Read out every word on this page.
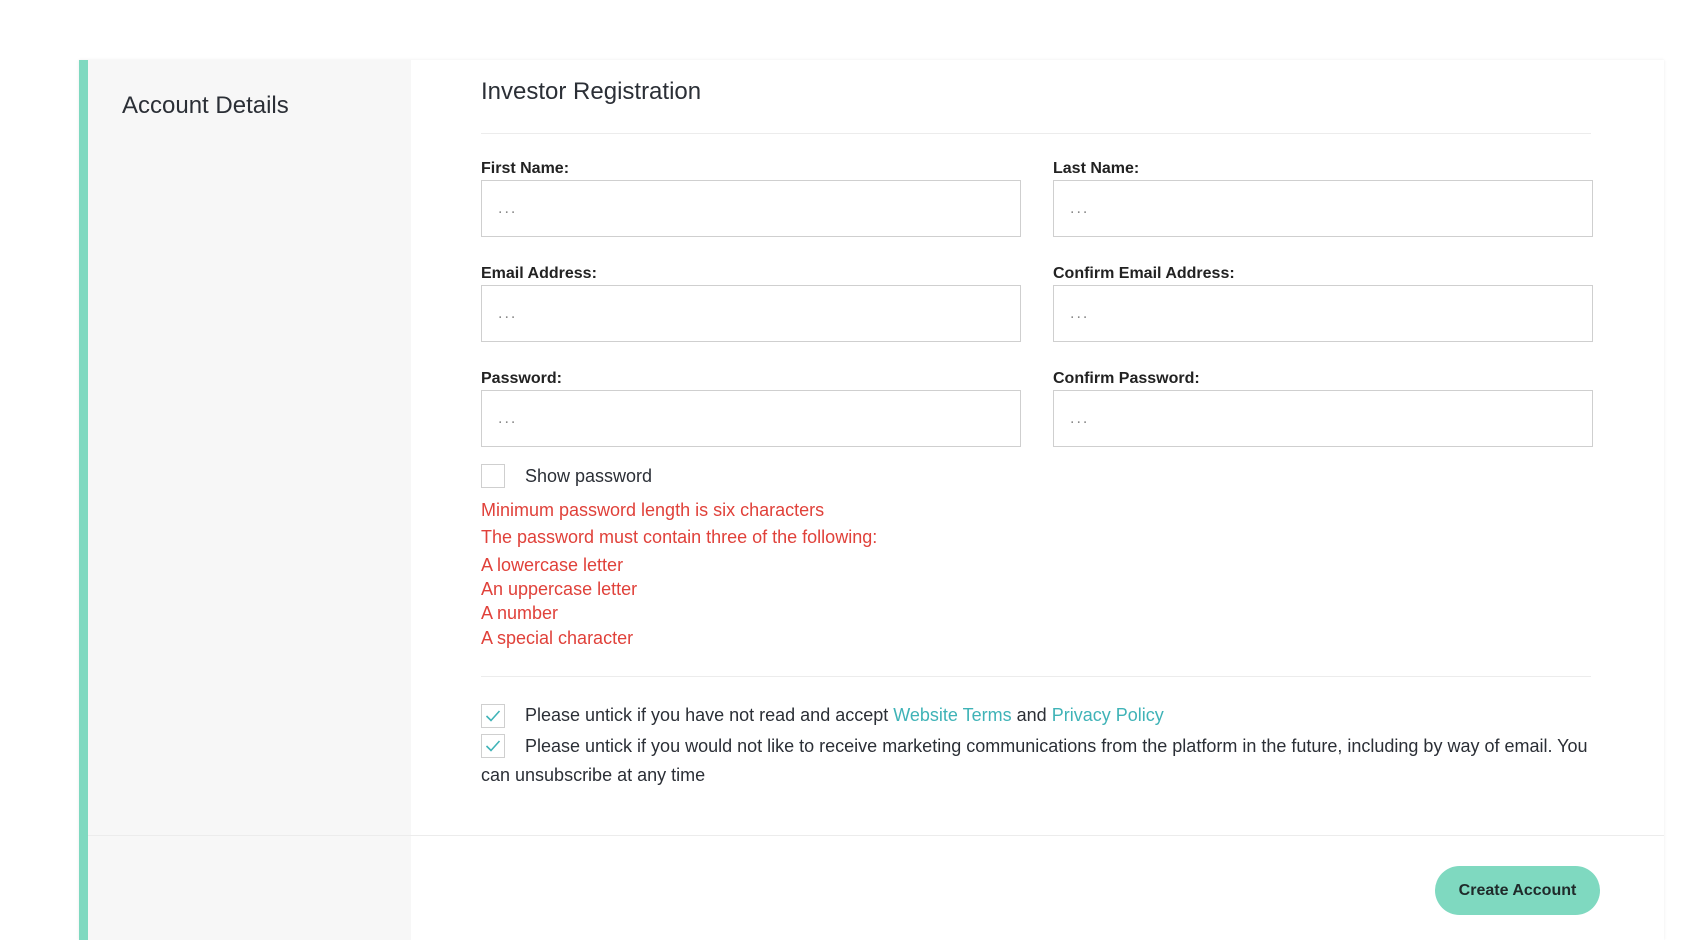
Account Details
Investor Registration
First Name:
...	Last Name:
...
Email Address:
...	Confirm Email Address:
...
Password:
...	Confirm Password:
...
Show password
Minimum password length is six characters
The password must contain three of the following:
A lowercase letter
An uppercase letter
A number
A special character
Please untick if you have not read and accept Website Terms and Privacy Policy
Please untick if you would not like to receive marketing communications from the platform in the future, including by way of email. You can unsubscribe at any time
Create Account
